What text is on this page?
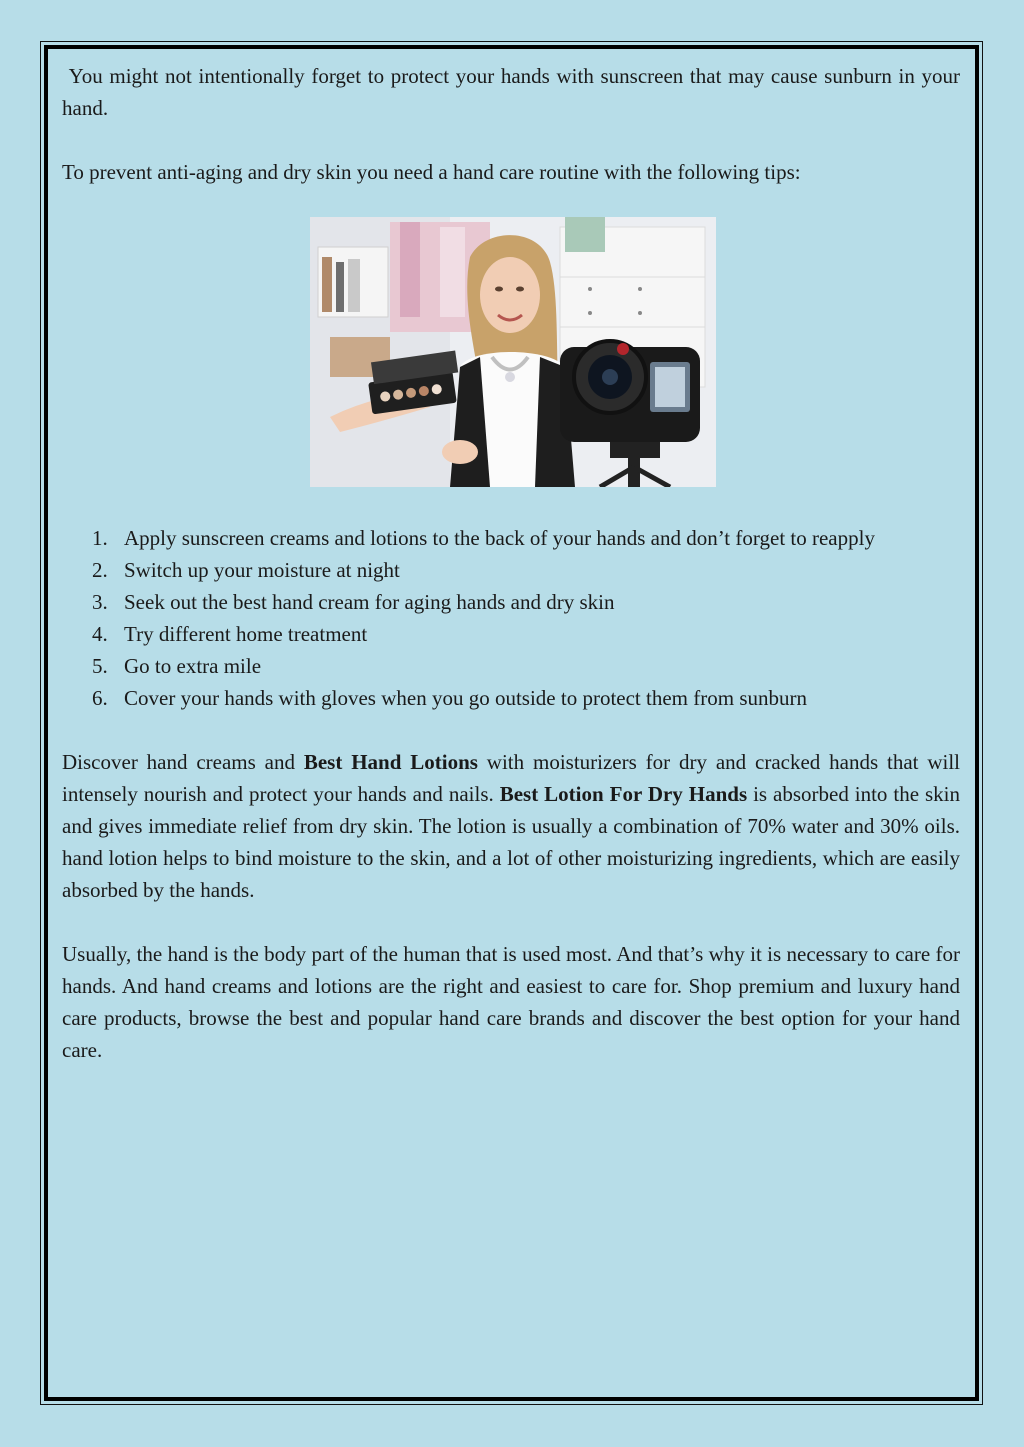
You might not intentionally forget to protect your hands with sunscreen that may cause sunburn in your hand.

To prevent anti-aging and dry skin you need a hand care routine with the following tips:

1. Apply sunscreen creams and lotions to the back of your hands and don’t forget to reapply
2. Switch up your moisture at night
3. Seek out the best hand cream for aging hands and dry skin
4. Try different home treatment
5. Go to extra mile
6. Cover your hands with gloves when you go outside to protect them from sunburn

Discover hand creams and Best Hand Lotions with moisturizers for dry and cracked hands that will intensely nourish and protect your hands and nails. Best Lotion For Dry Hands is absorbed into the skin and gives immediate relief from dry skin. The lotion is usually a combination of 70% water and 30% oils. hand lotion helps to bind moisture to the skin, and a lot of other moisturizing ingredients, which are easily absorbed by the hands.

Usually, the hand is the body part of the human that is used most. And that’s why it is necessary to care for hands. And hand creams and lotions are the right and easiest to care for. Shop premium and luxury hand care products, browse the best and popular hand care brands and discover the best option for your hand care.
